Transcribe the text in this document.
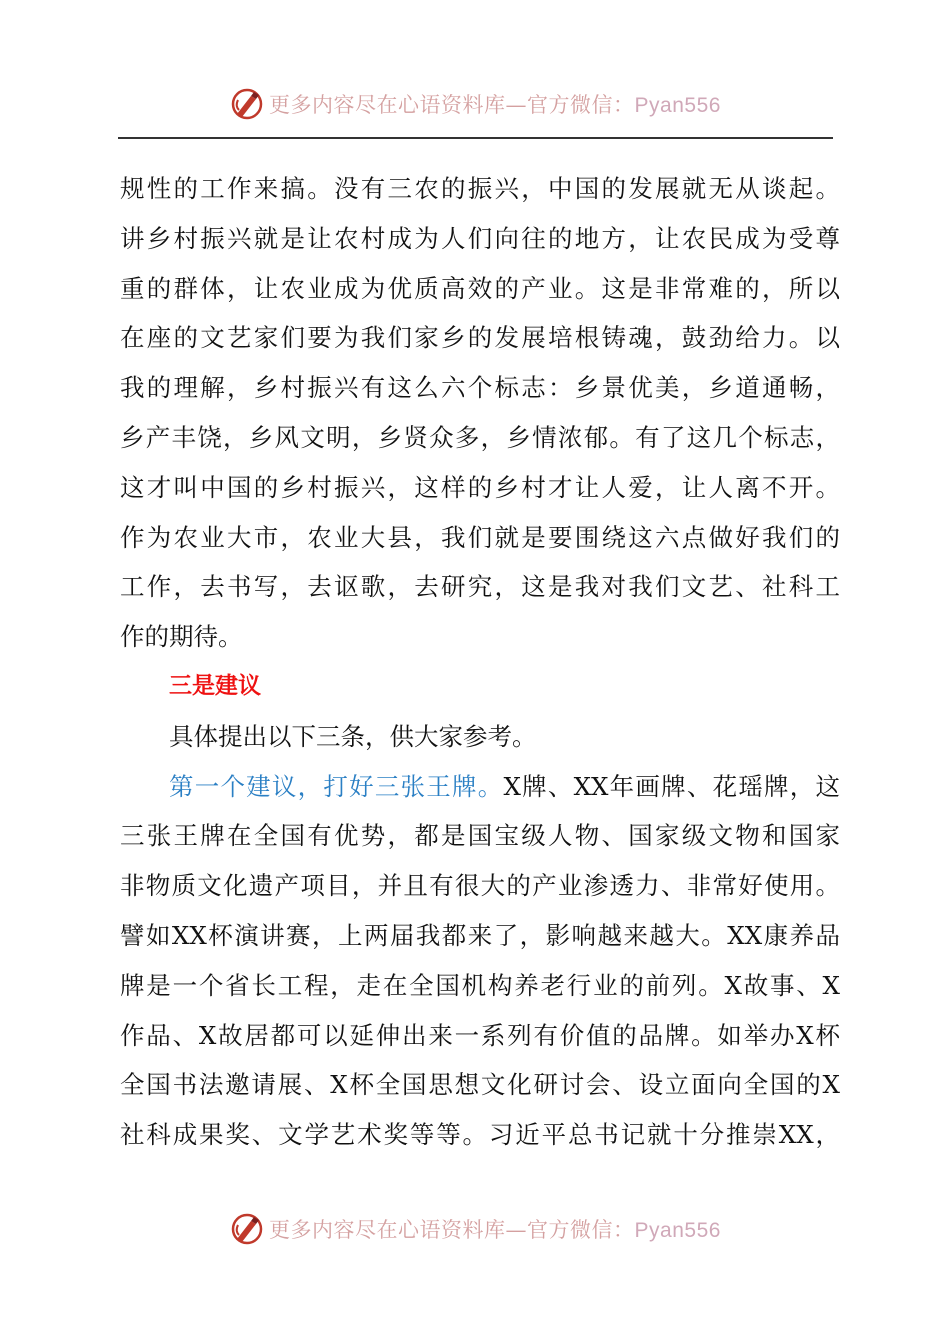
更多内容尽在心语资料库—官方微信：Pyan556
规性的工作来搞。没有三农的振兴，中国的发展就无从谈起。
讲乡村振兴就是让农村成为人们向往的地方，让农民成为受尊
重的群体，让农业成为优质高效的产业。这是非常难的，所以
在座的文艺家们要为我们家乡的发展培根铸魂，鼓劲给力。以
我的理解，乡村振兴有这么六个标志：乡景优美，乡道通畅，
乡产丰饶，乡风文明，乡贤众多，乡情浓郁。有了这几个标志，
这才叫中国的乡村振兴，这样的乡村才让人爱，让人离不开。
作为农业大市，农业大县，我们就是要围绕这六点做好我们的
工作，去书写，去讴歌，去研究，这是我对我们文艺、社科工
作的期待。
三是建议
具体提出以下三条，供大家参考。
第一个建议，打好三张王牌。X牌、XX年画牌、花瑶牌，这
三张王牌在全国有优势，都是国宝级人物、国家级文物和国家
非物质文化遗产项目，并且有很大的产业渗透力、非常好使用。
譬如XX杯演讲赛，上两届我都来了，影响越来越大。XX康养品
牌是一个省长工程，走在全国机构养老行业的前列。X故事、X
作品、X故居都可以延伸出来一系列有价值的品牌。如举办X杯
全国书法邀请展、X杯全国思想文化研讨会、设立面向全国的X
社科成果奖、文学艺术奖等等。习近平总书记就十分推崇XX，
更多内容尽在心语资料库—官方微信：Pyan556
